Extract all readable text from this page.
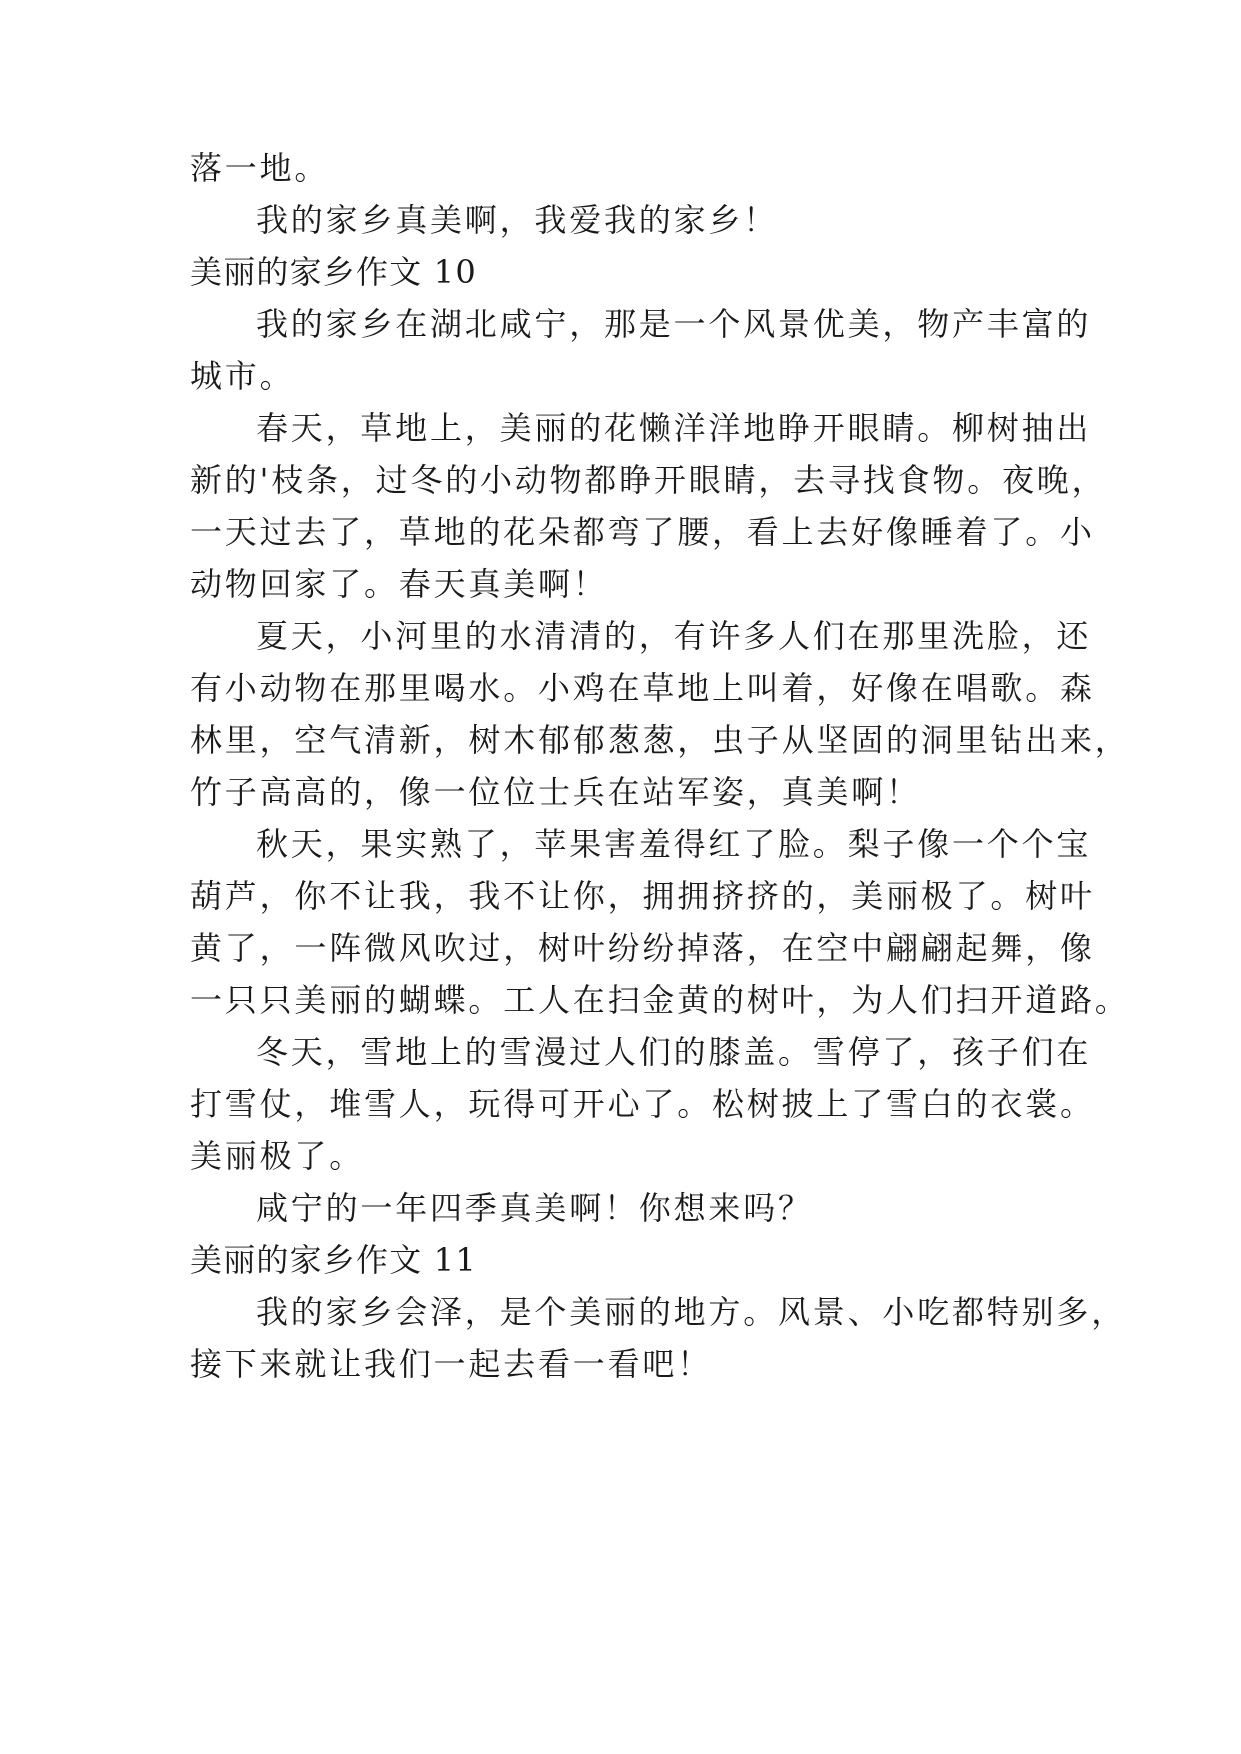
落一地。
我的家乡真美啊，我爱我的家乡！
美丽的家乡作文 10
我的家乡在湖北咸宁，那是一个风景优美，物产丰富的
城市。
春天，草地上，美丽的花懒洋洋地睁开眼睛。柳树抽出
新的'枝条，过冬的小动物都睁开眼睛，去寻找食物。夜晚，
一天过去了，草地的花朵都弯了腰，看上去好像睡着了。小
动物回家了。春天真美啊！
夏天，小河里的水清清的，有许多人们在那里洗脸，还
有小动物在那里喝水。小鸡在草地上叫着，好像在唱歌。森
林里，空气清新，树木郁郁葱葱，虫子从坚固的洞里钻出来，
竹子高高的，像一位位士兵在站军姿，真美啊！
秋天，果实熟了，苹果害羞得红了脸。梨子像一个个宝
葫芦，你不让我，我不让你，拥拥挤挤的，美丽极了。树叶
黄了，一阵微风吹过，树叶纷纷掉落，在空中翩翩起舞，像
一只只美丽的蝴蝶。工人在扫金黄的树叶，为人们扫开道路。
冬天，雪地上的雪漫过人们的膝盖。雪停了，孩子们在
打雪仗，堆雪人，玩得可开心了。松树披上了雪白的衣裳。
美丽极了。
咸宁的一年四季真美啊！你想来吗？
美丽的家乡作文 11
我的家乡会泽，是个美丽的地方。风景、小吃都特别多，
接下来就让我们一起去看一看吧！
